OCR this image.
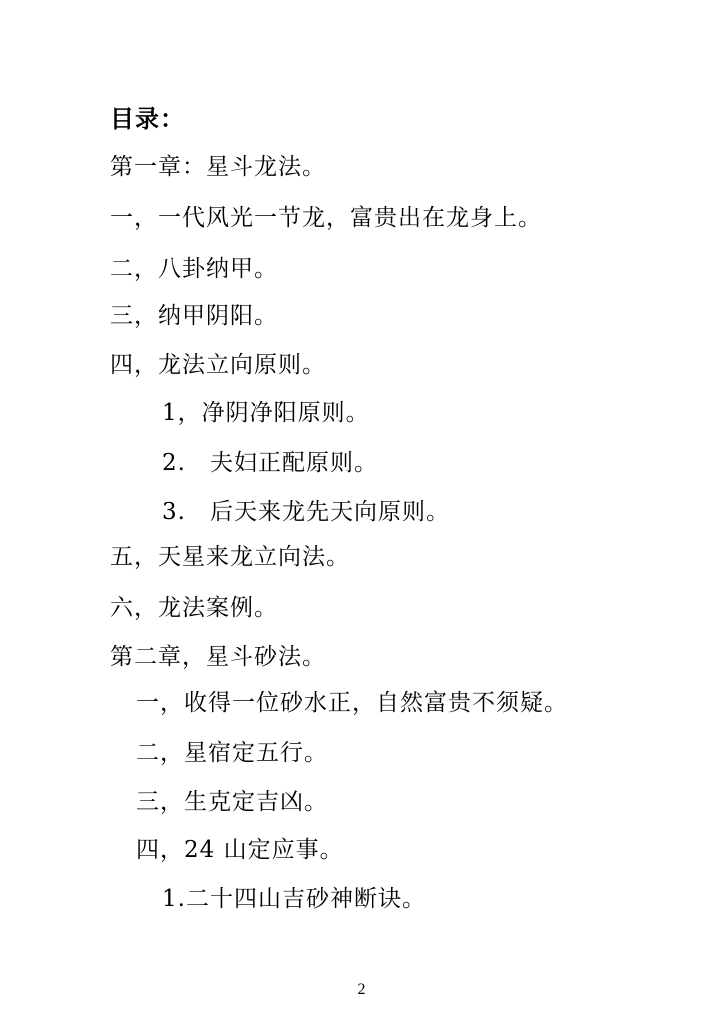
目录：
第一章：星斗龙法。
一，一代风光一节龙，富贵出在龙身上。
二，八卦纳甲。
三，纳甲阴阳。
四，龙法立向原则。
1，净阴净阳原则。
2. 夫妇正配原则。
3. 后天来龙先天向原则。
五，天星来龙立向法。
六，龙法案例。
第二章，星斗砂法。
一，收得一位砂水正，自然富贵不须疑。
二，星宿定五行。
三，生克定吉凶。
四，24 山定应事。
1.二十四山吉砂神断诀。
2
